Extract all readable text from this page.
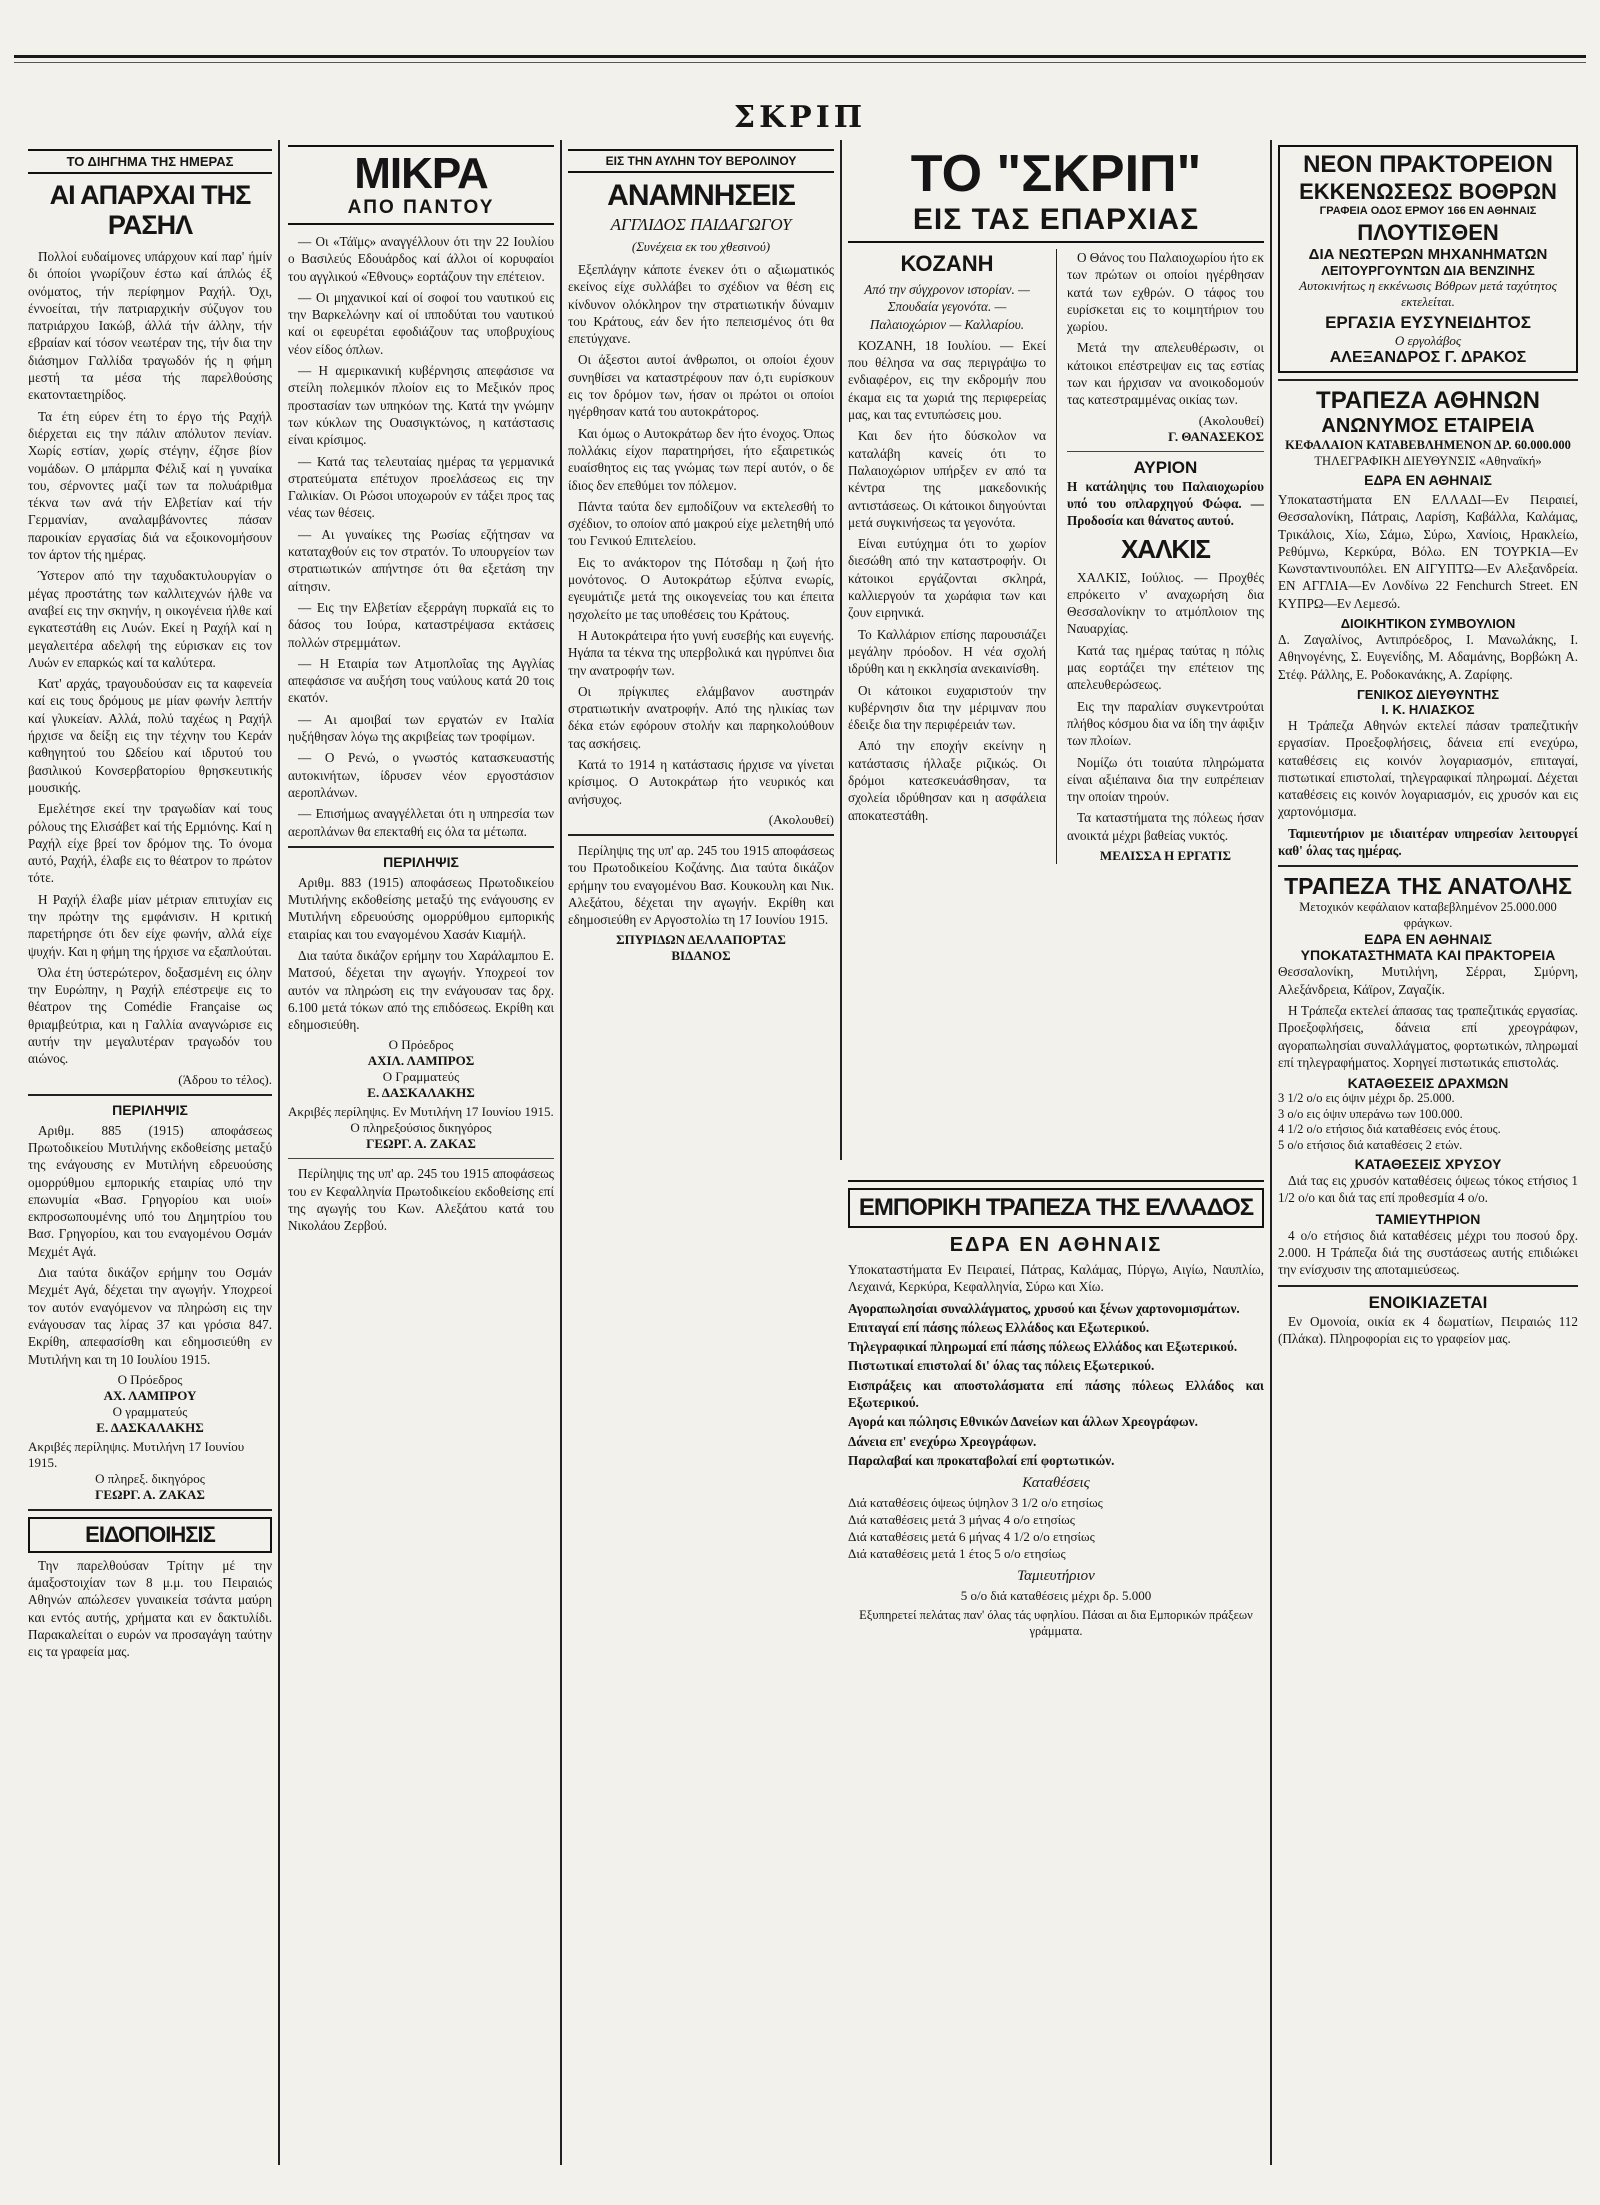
ΣΚΡΙΠ
ΤΟ ΔΙΗΓΗΜΑ ΤΗΣ ΗΜΕΡΑΣ
ΑΙ ΑΠΑΡΧΑΙ ΤΗΣ ΡΑΣΗΛ

Πολλοί ευδαίμονες υπάρχουν καί παρ' ήμίν δι όποίοι γνωρίζουν έστω καί άπλώς έξ ονόματος, τήν περίφημον Ραχήλ. Όχι, έννοείται, τήν πατριαρχικήν σύζυγον του πατριάρχου Ιακώβ, άλλά τήν άλλην, τήν εβραίαν καί τόσον νεωτέραν της, τήν δια την διάσημον Γαλλίδα τραγωδόν ής η φήμη μεστή τα μέσα τής παρελθούσης εκατονταετηρίδος.

Τα έτη εύρεν έτη το έργο τής Ραχήλ διέρχεται εις την πάλιν απόλυτον πενίαν. Χωρίς εστίαν, χωρίς στέγην, έζησε βίον νομάδων. Ο μπάρμπα Φέλιξ καί η γυναίκα του, σέρνοντες μαζί των τα πολυάριθμα τέκνα των ανά τήν Ελβετίαν καί τήν Γερμανίαν, αναλαμβάνοντες πάσαν παροικίαν εργασίας διά να εξοικονομήσουν τον άρτον τής ημέρας.

Ύστερον από την ταχυδακτυλουργίαν ο μέγας προστάτης των καλλιτεχνών ήλθε να αναβεί εις την σκηνήν, η οικογένεια ήλθε καί εγκατεστάθη εις Λυών. Εκεί η Ραχήλ καί η μεγαλειτέρα αδελφή της εύρισκαν εις τον Λυών εν επαρκώς καί τα καλύτερα.

Κατ' αρχάς, τραγουδούσαν εις τα καφενεία καί εις τους δρόμους με μίαν φωνήν λεπτήν καί γλυκείαν. Αλλά, πολύ ταχέως η Ραχήλ ήρχισε να δείξη εις την τέχνην του Κεράν καθηγητού του Ωδείου καί ιδρυτού του βασιλικού Κονσερβατορίου θρησκευτικής μουσικής.

Εμελέτησε εκεί την τραγωδίαν καί τους ρόλους της Ελισάβετ καί τής Ερμιόνης. Καί η Ραχήλ είχε βρεί τον δρόμον της. Το όνομα αυτό, Ραχήλ, έλαβε εις το θέατρον το πρώτον τότε.

Η Ραχήλ έλαβε μίαν μέτριαν επιτυχίαν εις την πρώτην της εμφάνισιν. Η κριτική παρετήρησε ότι δεν είχε φωνήν, αλλά είχε ψυχήν. Και η φήμη της ήρχισε να εξαπλούται.

Όλα έτη ύστερώτερον, δοξασμένη εις όλην την Ευρώπην, η Ραχήλ επέστρεψε εις το θέατρον της Comédie Française ως θριαμβεύτρια, και η Γαλλία αναγνώρισε εις αυτήν την μεγαλυτέραν τραγωδόν του αιώνος.

(Άδρου το τέλος).
ΠΕΡΙΛΗΨΙΣ

Αριθμ. 885 (1915) αποφάσεως Πρωτοδικείου Μυτιλήνης εκδοθείσης μεταξύ της ενάγουσης εν Μυτιλήνη εδρευούσης ομορρύθμου εμπορικής εταιρίας υπό την επωνυμία «Βασ. Γρηγορίου και υιοί» εκπροσωπουμένης υπό του Δημητρίου του Βασ. Γρηγορίου, και του εναγομένου Οσμάν Μεχμέτ Αγά.

Δια ταύτα δικάζον ερήμην του Οσμάν Μεχμέτ Αγά, δέχεται την αγωγήν. Υποχρεοί τον αυτόν εναγόμενον να πληρώση εις την ενάγουσαν τας λίρας 37 και γρόσια 847. Εκρίθη, απεφασίσθη και εδημοσιεύθη εν Μυτιλήνη και τη 10 Ιουλίου 1915.

Ο Πρόεδρος
ΑΧ. ΛΑΜΠΡΟΥ
Ο γραμματεύς
Ε. ΔΑΣΚΑΛΑΚΗΣ
Ακριβές περίληψις. Μυτιλήνη 17 Ιουνίου 1915.
Ο πληρεξ. δικηγόρος
ΓΕΩΡΓ. Α. ΖΑΚΑΣ
ΕΙΔΟΠΟΙΗΣΙΣ

Την παρελθούσαν Τρίτην μέ την άμαξοστοιχίαν των 8 μ.μ. του Πειραιώς Αθηνών απώλεσεν γυναικεία τσάντα μαύρη και εντός αυτής, χρήματα και εν δακτυλίδι. Παρακαλείται ο ευρών να προσαγάγη ταύτην εις τα γραφεία μας.

ΜΙΚΡΑ
ΑΠΟ ΠΑΝΤΟΥ

— Οι «Τάϊμς» αναγγέλλουν ότι την 22 Ιουλίου ο Βασιλεύς Εδουάρδος καί άλλοι οί κορυφαίοι του αγγλικού «Έθνους» εορτάζουν την επέτειον.

— Οι μηχανικοί καί οί σοφοί του ναυτικού εις την Βαρκελώνην καί οί ιπποδύται του ναυτικού καί οι εφευρέται εφοδιάζουν τας υποβρυχίους νέον είδος όπλων.

— Η αμερικανική κυβέρνησις απεφάσισε να στείλη πολεμικόν πλοίον εις το Μεξικόν προς προστασίαν των υπηκόων της. Κατά την γνώμην των κύκλων της Ουασιγκτώνος, η κατάστασις είναι κρίσιμος.

— Κατά τας τελευταίας ημέρας τα γερμανικά στρατεύματα επέτυχον προελάσεως εις την Γαλικίαν. Οι Ρώσοι υποχωρούν εν τάξει προς τας νέας των θέσεις.

— Αι γυναίκες της Ρωσίας εζήτησαν να καταταχθούν εις τον στρατόν. Το υπουργείον των στρατιωτικών απήντησε ότι θα εξετάση την αίτησιν.

— Εις την Ελβετίαν εξερράγη πυρκαϊά εις το δάσος του Ιούρα, καταστρέψασα εκτάσεις πολλών στρεμμάτων.

— Η Εταιρία των Ατμοπλοΐας της Αγγλίας απεφάσισε να αυξήση τους ναύλους κατά 20 τοις εκατόν.

— Αι αμοιβαί των εργατών εν Ιταλία ηυξήθησαν λόγω της ακριβείας των τροφίμων.

— Ο Ρενώ, ο γνωστός κατασκευαστής αυτοκινήτων, ίδρυσεν νέον εργοστάσιον αεροπλάνων.

— Επισήμως αναγγέλλεται ότι η υπηρεσία των αεροπλάνων θα επεκταθή εις όλα τα μέτωπα.

ΠΕΡΙΛΗΨΙΣ

Αριθμ. 883 (1915) αποφάσεως Πρωτοδικείου Μυτιλήνης εκδοθείσης μεταξύ της ενάγουσης εν Μυτιλήνη εδρευούσης ομορρύθμου εμπορικής εταιρίας και του εναγομένου Χασάν Κιαμήλ.

Δια ταύτα δικάζον ερήμην του Χαράλαμπου Ε. Ματσού, δέχεται την αγωγήν. Υποχρεοί τον αυτόν να πληρώση εις την ενάγουσαν τας δρχ. 6.100 μετά τόκων από της επιδόσεως. Εκρίθη και εδημοσιεύθη.

Ο Πρόεδρος
ΑΧΙΛ. ΛΑΜΠΡΟΣ
Ο Γραμματεύς
Ε. ΔΑΣΚΑΛΑΚΗΣ
Ακριβές περίληψις. Εν Μυτιλήνη 17 Ιουνίου 1915.
Ο πληρεξούσιος δικηγόρος
ΓΕΩΡΓ. Α. ΖΑΚΑΣ

Περίληψις της υπ' αρ. 245 του 1915 αποφάσεως του εν Κεφαλληνία Πρωτοδικείου εκδοθείσης επί της αγωγής του Κων. Αλεξάτου κατά του Νικολάου Ζερβού.

ΕΙΣ ΤΗΝ ΑΥΛΗΝ ΤΟΥ ΒΕΡΟΛΙΝΟΥ
ΑΝΑΜΝΗΣΕΙΣ
ΑΓΓΛΙΔΟΣ ΠΑΙΔΑΓΩΓΟΥ
(Συνέχεια εκ του χθεσινού)

Εξεπλάγην κάποτε ένεκεν ότι ο αξιωματικός εκείνος είχε συλλάβει το σχέδιον να θέση εις κίνδυνον ολόκληρον την στρατιωτικήν δύναμιν του Κράτους, εάν δεν ήτο πεπεισμένος ότι θα επετύγχανε.

Οι άξεστοι αυτοί άνθρωποι, οι οποίοι έχουν συνηθίσει να καταστρέφουν παν ό,τι ευρίσκουν εις τον δρόμον των, ήσαν οι πρώτοι οι οποίοι ηγέρθησαν κατά του αυτοκράτορος.

Και όμως ο Αυτοκράτωρ δεν ήτο ένοχος. Όπως πολλάκις είχον παρατηρήσει, ήτο εξαιρετικώς ευαίσθητος εις τας γνώμας των περί αυτόν, ο δε ίδιος δεν επεθύμει τον πόλεμον.

Πάντα ταύτα δεν εμποδίζουν να εκτελεσθή το σχέδιον, το οποίον από μακρού είχε μελετηθή υπό του Γενικού Επιτελείου.

Εις το ανάκτορον της Πότσδαμ η ζωή ήτο μονότονος. Ο Αυτοκράτωρ εξύπνα ενωρίς, εγευμάτιζε μετά της οικογενείας του και έπειτα ησχολείτο με τας υποθέσεις του Κράτους.

Η Αυτοκράτειρα ήτο γυνή ευσεβής και ευγενής. Ηγάπα τα τέκνα της υπερβολικά και ηγρύπνει δια την ανατροφήν των.

Οι πρίγκιπες ελάμβανον αυστηράν στρατιωτικήν ανατροφήν. Από της ηλικίας των δέκα ετών εφόρουν στολήν και παρηκολούθουν τας ασκήσεις.

Κατά το 1914 η κατάστασις ήρχισε να γίνεται κρίσιμος. Ο Αυτοκράτωρ ήτο νευρικός και ανήσυχος.

(Ακολουθεί)

Περίληψις της υπ' αρ. 245 του 1915 αποφάσεως του Πρωτοδικείου Κοζάνης. Δια ταύτα δικάζον ερήμην του εναγομένου Βασ. Κουκουλη και Νικ. Αλεξάτου, δέχεται την αγωγήν. Εκρίθη και εδημοσιεύθη εν Αργοστολίω τη 17 Ιουνίου 1915.

ΣΠΥΡΙΔΩΝ ΔΕΛΛΑΠΟΡΤΑΣ
ΒΙΔΑΝΟΣ
ΤΟ "ΣΚΡΙΠ"
ΕΙΣ ΤΑΣ ΕΠΑΡΧΙΑΣ
ΚΟΖΑΝΗ

Από την σύγχρονον ιστορίαν. — Σπουδαία γεγονότα. — Παλαιοχώριον — Καλλαρίου.

ΚΟΖΑΝΗ, 18 Ιουλίου. — Εκεί που θέλησα να σας περιγράψω το ενδιαφέρον, εις την εκδρομήν που έκαμα εις τα χωριά της περιφερείας μας, και τας εντυπώσεις μου.

Και δεν ήτο δύσκολον να καταλάβη κανείς ότι το Παλαιοχώριον υπήρξεν εν από τα κέντρα της μακεδονικής αντιστάσεως. Οι κάτοικοι διηγούνται μετά συγκινήσεως τα γεγονότα.

Είναι ευτύχημα ότι το χωρίον διεσώθη από την καταστροφήν. Οι κάτοικοι εργάζονται σκληρά, καλλιεργούν τα χωράφια των και ζουν ειρηνικά.

Το Καλλάριον επίσης παρουσιάζει μεγάλην πρόοδον. Η νέα σχολή ιδρύθη και η εκκλησία ανεκαινίσθη.

Οι κάτοικοι ευχαριστούν την κυβέρνησιν δια την μέριμναν που έδειξε δια την περιφέρειάν των.

Από την εποχήν εκείνην η κατάστασις ήλλαξε ριζικώς. Οι δρόμοι κατεσκευάσθησαν, τα σχολεία ιδρύθησαν και η ασφάλεια αποκατεστάθη.

Ο Θάνος του Παλαιοχωρίου ήτο εκ των πρώτων οι οποίοι ηγέρθησαν κατά των εχθρών. Ο τάφος του ευρίσκεται εις το κοιμητήριον του χωρίου.

Μετά την απελευθέρωσιν, οι κάτοικοι επέστρεψαν εις τας εστίας των και ήρχισαν να ανοικοδομούν τας κατεστραμμένας οικίας των.

(Ακολουθεί)
Γ. ΘΑΝΑΣΕΚΟΣ
ΑΥΡΙΟΝ

Η κατάληψις του Παλαιοχωρίου υπό του οπλαρχηγού Φώφα. — Προδοσία και θάνατος αυτού.

ΧΑΛΚΙΣ

ΧΑΛΚΙΣ, Ιούλιος. — Προχθές επρόκειτο ν' αναχωρήση δια Θεσσαλονίκην το ατμόπλοιον της Ναυαρχίας.

Κατά τας ημέρας ταύτας η πόλις μας εορτάζει την επέτειον της απελευθερώσεως.

Εις την παραλίαν συγκεντρούται πλήθος κόσμου δια να ίδη την άφιξιν των πλοίων.

Νομίζω ότι τοιαύτα πληρώματα είναι αξιέπαινα δια την ευπρέπειαν την οποίαν τηρούν.

Τα καταστήματα της πόλεως ήσαν ανοικτά μέχρι βαθείας νυκτός.

ΜΕΛΙΣΣΑ Η ΕΡΓΑΤΙΣ
ΕΜΠΟΡΙΚΗ ΤΡΑΠΕΖΑ ΤΗΣ ΕΛΛΑΔΟΣ
ΕΔΡΑ ΕΝ ΑΘΗΝΑΙΣ

Υποκαταστήματα Εν Πειραιεί, Πάτρας, Καλάμας, Πύργω, Αιγίω, Ναυπλίω, Λεχαινά, Κερκύρα, Κεφαλληνία, Σύρω και Χίω.

Αγοραπωλησίαι συναλλάγματος, χρυσού και ξένων χαρτονομισμάτων.

Επιταγαί επί πάσης πόλεως Ελλάδος και Εξωτερικού.

Τηλεγραφικαί πληρωμαί επί πάσης πόλεως Ελλάδος και Εξωτερικού.

Πιστωτικαί επιστολαί δι' όλας τας πόλεις Εξωτερικού.

Εισπράξεις και αποστολάσματα επί πάσης πόλεως Ελλάδος και Εξωτερικού.

Αγορά και πώλησις Εθνικών Δανείων και άλλων Χρεογράφων.

Δάνεια επ' ενεχύρω Χρεογράφων.

Παραλαβαί και προκαταβολαί επί φορτωτικών.

Καταθέσεις
Διά καταθέσεις όψεως ύψηλον 3 1/2 ο/ο ετησίως
Διά καταθέσεις μετά 3 μήνας 4 ο/ο ετησίως
Διά καταθέσεις μετά 6 μήνας 4 1/2 ο/ο ετησίως
Διά καταθέσεις μετά 1 έτος 5 ο/ο ετησίως
Ταμιευτήριον
5 ο/ο διά καταθέσεις μέχρι δρ. 5.000
Εξυπηρετεί πελάτας παν' όλας τάς υφηλίου. Πάσαι αι δια Εμπορικών πράξεων γράμματα.
ΝΕΟΝ ΠΡΑΚΤΟΡΕΙΟΝ
ΕΚΚΕΝΩΣΕΩΣ ΒΟΘΡΩΝ
ΓΡΑΦΕΙΑ ΟΔΟΣ ΕΡΜΟΥ 166 ΕΝ ΑΘΗΝΑΙΣ
ΠΛΟΥΤΙΣΘΕΝ
ΔΙΑ ΝΕΩΤΕΡΩΝ ΜΗΧΑΝΗΜΑΤΩΝ
ΛΕΙΤΟΥΡΓΟΥΝΤΩΝ ΔΙΑ ΒΕΝΖΙΝΗΣ
Αυτοκινήτως η εκκένωσις Βόθρων μετά ταχύτητος εκτελείται.
ΕΡΓΑΣΙΑ ΕΥΣΥΝΕΙΔΗΤΟΣ
Ο εργολάβος
ΑΛΕΞΑΝΔΡΟΣ Γ. ΔΡΑΚΟΣ
ΤΡΑΠΕΖΑ ΑΘΗΝΩΝ
ΑΝΩΝΥΜΟΣ ΕΤΑΙΡΕΙΑ
ΚΕΦΑΛΑΙΟΝ ΚΑΤΑΒΕΒΛΗΜΕΝΟΝ ΔΡ. 60.000.000
ΤΗΛΕΓΡΑΦΙΚΗ ΔΙΕΥΘΥΝΣΙΣ «Αθηναϊκή»
ΕΔΡΑ ΕΝ ΑΘΗΝΑΙΣ

Υποκαταστήματα ΕΝ ΕΛΛΑΔΙ—Εν Πειραιεί, Θεσσαλονίκη, Πάτραις, Λαρίση, Καβάλλα, Καλάμας, Τρικάλοις, Χίω, Σάμω, Σύρω, Χανίοις, Ηρακλείω, Ρεθύμνω, Κερκύρα, Βόλω. ΕΝ ΤΟΥΡΚΙΑ—Εν Κωνσταντινουπόλει. ΕΝ ΑΙΓΥΠΤΩ—Εν Αλεξανδρεία. ΕΝ ΑΓΓΛΙΑ—Εν Λονδίνω 22 Fenchurch Street. ΕΝ ΚΥΠΡΩ—Εν Λεμεσώ.

ΔΙΟΙΚΗΤΙΚΟΝ ΣΥΜΒΟΥΛΙΟΝ

Δ. Ζαγαλίνος, Αντιπρόεδρος, Ι. Μανωλάκης, Ι. Αθηνογένης, Σ. Ευγενίδης, Μ. Αδαμάνης, Βορβώκη Α. Στέφ. Ράλλης, Ε. Ροδοκανάκης, Α. Ζαρίφης.

ΓΕΝΙΚΟΣ ΔΙΕΥΘΥΝΤΗΣ
Ι. Κ. ΗΛΙΑΣΚΟΣ

Η Τράπεζα Αθηνών εκτελεί πάσαν τραπεζιτικήν εργασίαν. Προεξοφλήσεις, δάνεια επί ενεχύρω, καταθέσεις εις κοινόν λογαριασμόν, επιταγαί, πιστωτικαί επιστολαί, τηλεγραφικαί πληρωμαί. Δέχεται καταθέσεις εις κοινόν λογαριασμόν, εις χρυσόν και εις χαρτονόμισμα.

Ταμιευτήριον με ιδιαιτέραν υπηρεσίαν λειτουργεί καθ' όλας τας ημέρας.

ΤΡΑΠΕΖΑ ΤΗΣ ΑΝΑΤΟΛΗΣ
Μετοχικόν κεφάλαιον καταβεβλημένον 25.000.000 φράγκων.
ΕΔΡΑ ΕΝ ΑΘΗΝΑΙΣ
ΥΠΟΚΑΤΑΣΤΗΜΑΤΑ ΚΑΙ ΠΡΑΚΤΟΡΕΙΑ

Θεσσαλονίκη, Μυτιλήνη, Σέρραι, Σμύρνη, Αλεξάνδρεια, Κάϊρον, Ζαγαζίκ.

Η Τράπεζα εκτελεί άπασας τας τραπεζιτικάς εργασίας. Προεξοφλήσεις, δάνεια επί χρεογράφων, αγοραπωλησίαι συναλλάγματος, φορτωτικών, πληρωμαί επί τηλεγραφήματος. Χορηγεί πιστωτικάς επιστολάς.

ΚΑΤΑΘΕΣΕΙΣ ΔΡΑΧΜΩΝ
3 1/2 ο/ο εις όψιν μέχρι δρ. 25.000.
3 ο/ο εις όψιν υπεράνω των 100.000.
4 1/2 ο/ο ετήσιος διά καταθέσεις ενός έτους.
5 ο/ο ετήσιος διά καταθέσεις 2 ετών.
ΚΑΤΑΘΕΣΕΙΣ ΧΡΥΣΟΥ

Διά τας εις χρυσόν καταθέσεις όψεως τόκος ετήσιος 1 1/2 ο/ο και διά τας επί προθεσμία 4 ο/ο.

ΤΑΜΙΕΥΤΗΡΙΟΝ

4 ο/ο ετήσιος διά καταθέσεις μέχρι του ποσού δρχ. 2.000. Η Τράπεζα διά της συστάσεως αυτής επιδιώκει την ενίσχυσιν της αποταμιεύσεως.

ΕΝΟΙΚΙΑΖΕΤΑΙ

Εν Ομονοία, οικία εκ 4 δωματίων, Πειραιώς 112 (Πλάκα). Πληροφορίαι εις το γραφείον μας.
